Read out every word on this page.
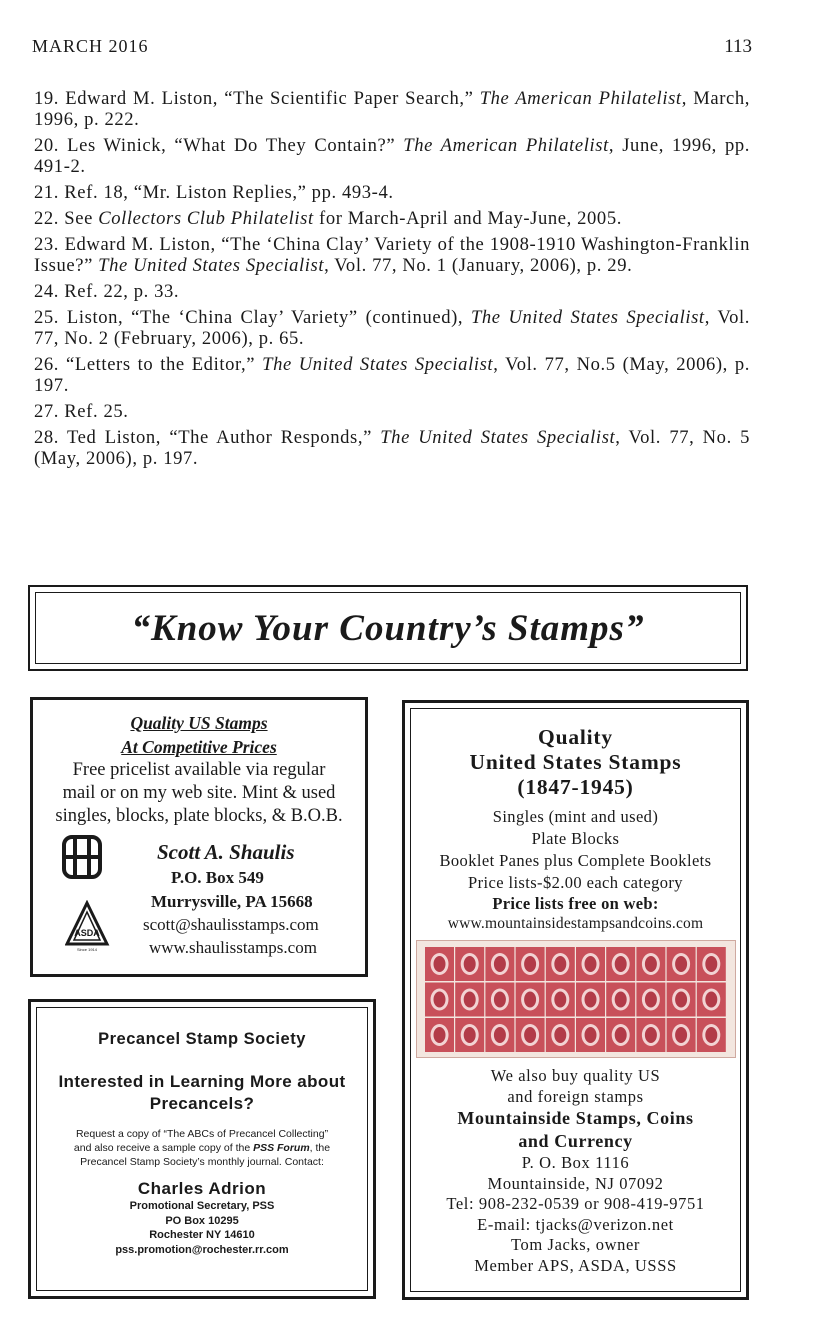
MARCH 2016	113

19. Edward M. Liston, “The Scientific Paper Search,” The American Philatelist, March, 1996, p. 222.

20. Les Winick, “What Do They Contain?” The American Philatelist, June, 1996, pp. 491-2.

21. Ref. 18, “Mr. Liston Replies,” pp. 493-4.

22. See Collectors Club Philatelist for March-April and May-June, 2005.

23. Edward M. Liston, “The ‘China Clay’ Variety of the 1908-1910 Washington-Franklin Issue?” The United States Specialist, Vol. 77, No. 1 (January, 2006), p. 29.

24. Ref. 22, p. 33.

25. Liston, “The ‘China Clay’ Variety” (continued), The United States Specialist, Vol. 77, No. 2 (February, 2006), p. 65.

26. “Letters to the Editor,” The United States Specialist, Vol. 77, No.5 (May, 2006), p. 197.

27. Ref. 25.

28. Ted Liston, “The Author Responds,” The United States Specialist, Vol. 77, No. 5 (May, 2006), p. 197.

“Know Your Country’s Stamps”
Quality US Stamps
At Competitive Prices
Free pricelist available via regular
mail or on my web site. Mint & used
singles, blocks, plate blocks, & B.O.B.
ASDA
Since 1914
Scott A. Shaulis
P.O. Box 549
Murrysville, PA 15668
scott@shaulisstamps.com
www.shaulisstamps.com
Precancel Stamp Society
Interested in Learning More about Precancels?
Request a copy of “The ABCs of Precancel Collecting” and also receive a sample copy of the PSS Forum, the Precancel Stamp Society’s monthly journal. Contact:
Charles Adrion
Promotional Secretary, PSS
PO Box 10295
Rochester NY 14610
pss.promotion@rochester.rr.com
Quality
United States Stamps
(1847-1945)
Singles (mint and used)
Plate Blocks
Booklet Panes plus Complete Booklets
Price lists-$2.00 each category
Price lists free on web:
www.mountainsidestampsandcoins.com
We also buy quality US
and foreign stamps
Mountainside Stamps, Coins
and Currency
P. O. Box 1116
Mountainside, NJ 07092
Tel: 908-232-0539 or 908-419-9751
E-mail: tjacks@verizon.net
Tom Jacks, owner
Member APS, ASDA, USSS
